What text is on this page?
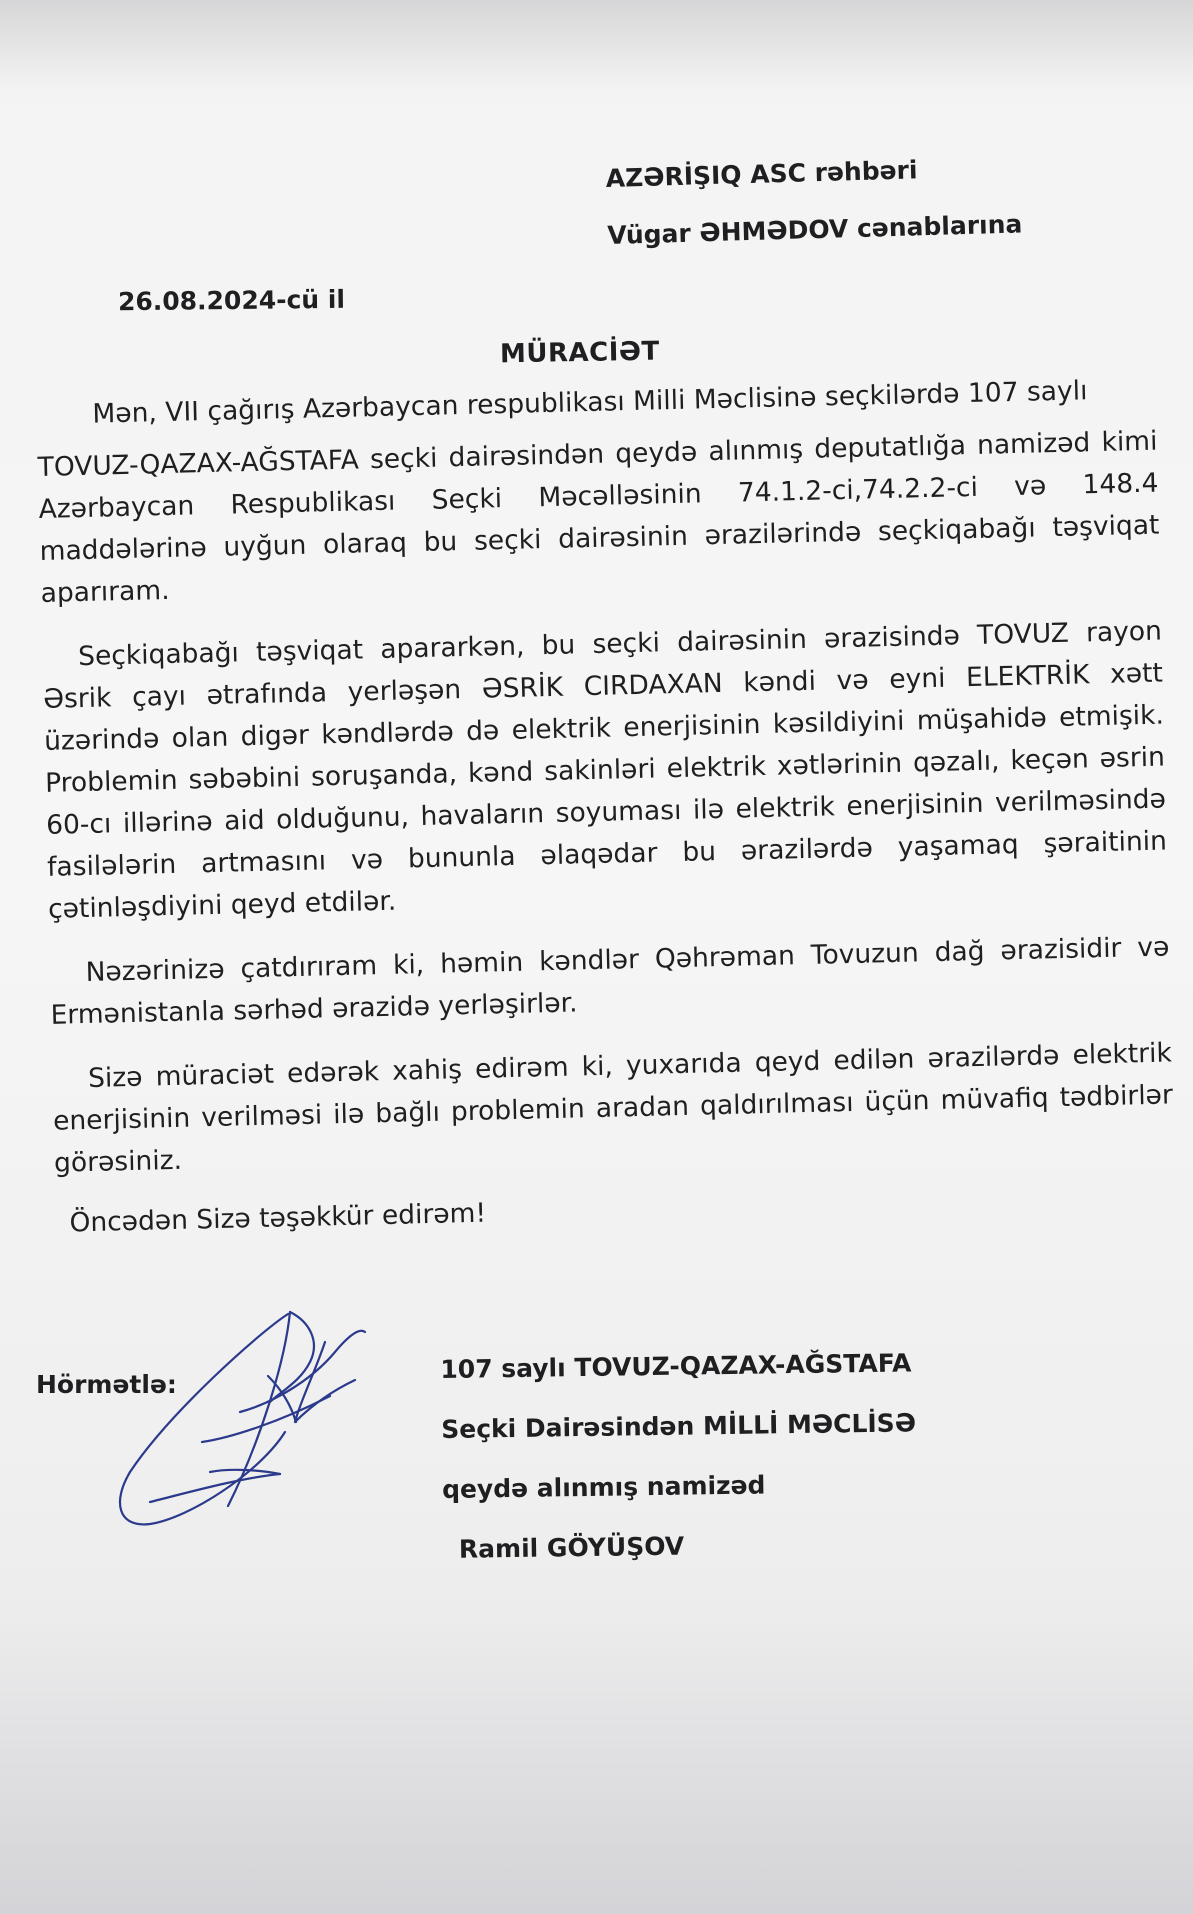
AZƏRİŞIQ ASC rəhbəri
Vügar ƏHMƏDOV cənablarına
26.08.2024-cü il
MÜRACİƏT

Mən, VII çağırış Azərbaycan respublikası Milli Məclisinə seçkilərdə 107 saylı
TOVUZ-QAZAX-AĞSTAFA seçki dairəsindən qeydə alınmış deputatlığa namizəd kimi Azərbaycan Respublikası Seçki Məcəlləsinin 74.1.2-ci,74.2.2-ci və 148.4 maddələrinə uyğun olaraq bu seçki dairəsinin ərazilərində seçkiqabağı təşviqat aparıram.

Seçkiqabağı təşviqat apararkən, bu seçki dairəsinin ərazisində TOVUZ rayon Əsrik çayı ətrafında yerləşən ƏSRİK CIRDAXAN kəndi və eyni ELEKTRİK xətt üzərində olan digər kəndlərdə də elektrik enerjisinin kəsildiyini müşahidə etmişik. Problemin səbəbini soruşanda, kənd sakinləri elektrik xətlərinin qəzalı, keçən əsrin 60-cı illərinə aid olduğunu, havaların soyuması ilə elektrik enerjisinin verilməsində fasilələrin artmasını və bununla əlaqədar bu ərazilərdə yaşamaq şəraitinin çətinləşdiyini qeyd etdilər.

Nəzərinizə çatdırıram ki, həmin kəndlər Qəhrəman Tovuzun dağ ərazisidir və Ermənistanla sərhəd ərazidə yerləşirlər.

Sizə müraciət edərək xahiş edirəm ki, yuxarıda qeyd edilən ərazilərdə elektrik enerjisinin verilməsi ilə bağlı problemin aradan qaldırılması üçün müvafiq tədbirlər görəsiniz.

Öncədən Sizə təşəkkür edirəm!

Hörmətlə:
107 saylı TOVUZ-QAZAX-AĞSTAFA
Seçki Dairəsindən MİLLİ MƏCLİSƏ
qeydə alınmış namizəd
Ramil GÖYÜŞOV
